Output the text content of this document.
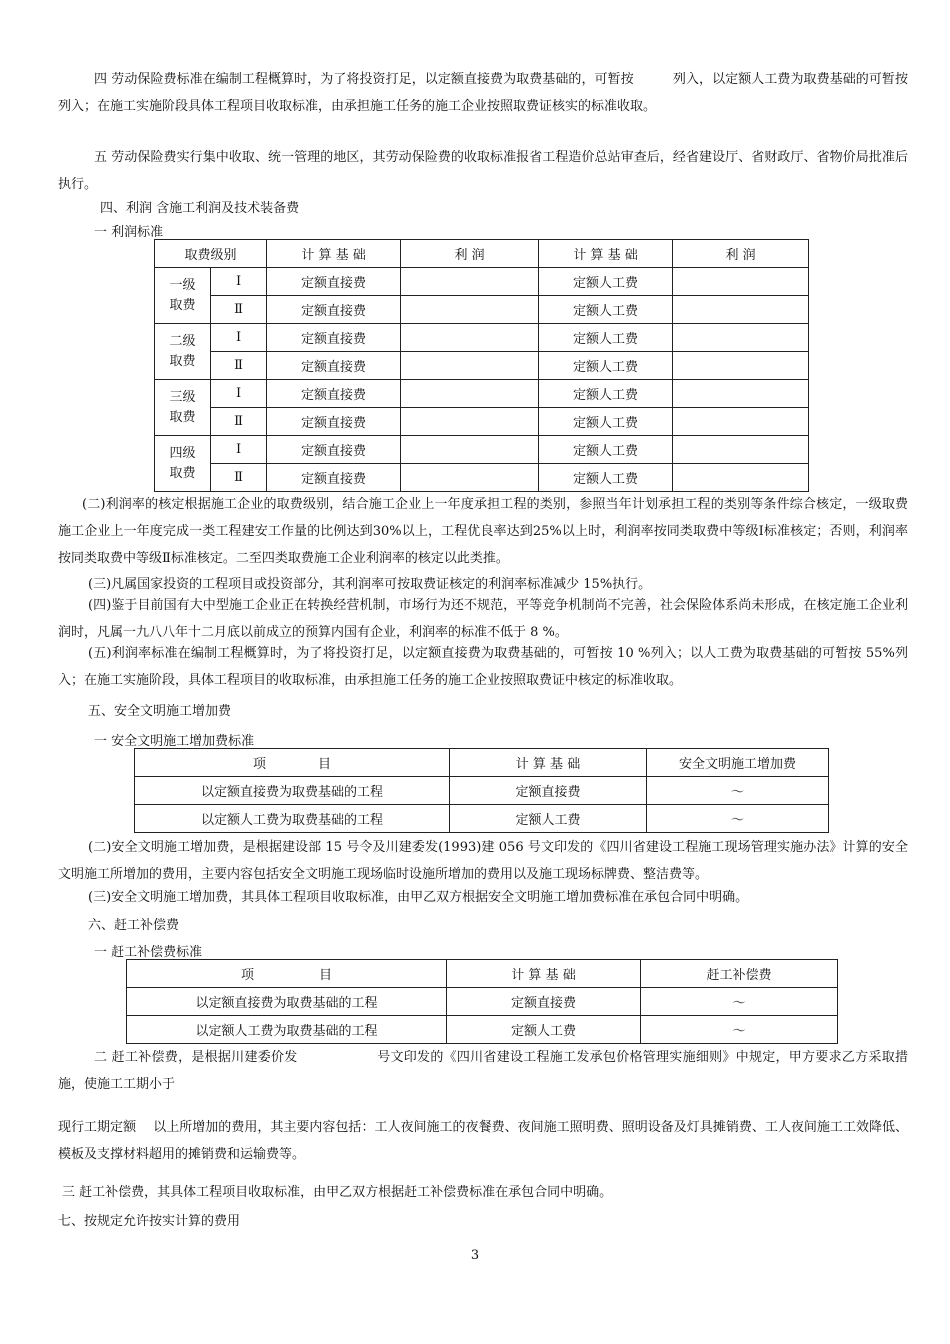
四 劳动保险费标准在编制工程概算时，为了将投资打足，以定额直接费为取费基础的，可暂按　　　列入，以定额人工费为取费基础的可暂按　　　列入；在施工实施阶段具体工程项目收取标准，由承担施工任务的施工企业按照取费证核实的标准收取。
五 劳动保险费实行集中收取、统一管理的地区，其劳动保险费的收取标准报省工程造价总站审查后，经省建设厅、省财政厅、省物价局批准后执行。
四、利润 含施工利润及技术装备费
一 利润标准
取费级别		计 算 基 础	利 润	计 算 基 础	利 润

一级
取费	Ⅰ	定额直接费		定额人工费	
	Ⅱ	定额直接费		定额人工费	

二级
取费	Ⅰ	定额直接费		定额人工费	
	Ⅱ	定额直接费		定额人工费	

三级
取费	Ⅰ	定额直接费		定额人工费	
	Ⅱ	定额直接费		定额人工费	

四级
取费	Ⅰ	定额直接费		定额人工费	
	Ⅱ	定额直接费		定额人工费	
(二)利润率的核定根据施工企业的取费级别，结合施工企业上一年度承担工程的类别，参照当年计划承担工程的类别等条件综合核定，一级取费施工企业上一年度完成一类工程建安工作量的比例达到30%以上，工程优良率达到25%以上时，利润率按同类取费中等级Ⅰ标准核定；否则，利润率按同类取费中等级Ⅱ标准核定。二至四类取费施工企业利润率的核定以此类推。
(三)凡属国家投资的工程项目或投资部分，其利润率可按取费证核定的利润率标准减少 15%执行。
(四)鉴于目前国有大中型施工企业正在转换经营机制，市场行为还不规范，平等竞争机制尚不完善，社会保险体系尚未形成，在核定施工企业利润时，凡属一九八八年十二月底以前成立的预算内国有企业，利润率的标准不低于 8 %。
(五)利润率标准在编制工程概算时，为了将投资打足，以定额直接费为取费基础的，可暂按 10 %列入；以人工费为取费基础的可暂按 55%列入；在施工实施阶段，具体工程项目的收取标准，由承担施工任务的施工企业按照取费证中核定的标准收取。
五、安全文明施工增加费
一 安全文明施工增加费标准
项　　　　目	计 算 基 础	安全文明施工增加费
以定额直接费为取费基础的工程	定额直接费	～
以定额人工费为取费基础的工程	定额人工费	～
(二)安全文明施工增加费，是根据建设部 15 号令及川建委发(1993)建 056 号文印发的《四川省建设工程施工现场管理实施办法》计算的安全文明施工所增加的费用，主要内容包括安全文明施工现场临时设施所增加的费用以及施工现场标牌费、整洁费等。
(三)安全文明施工增加费，其具体工程项目收取标准，由甲乙双方根据安全文明施工增加费标准在承包合同中明确。
六、赶工补偿费
一 赶工补偿费标准
项　　　　　目	计 算 基 础	赶工补偿费
以定额直接费为取费基础的工程	定额直接费	～
以定额人工费为取费基础的工程	定额人工费	～
二 赶工补偿费，是根据川建委价发　　　　　　号文印发的《四川省建设工程施工发承包价格管理实施细则》中规定，甲方要求乙方采取措施，使施工工期小于
现行工期定额　 以上所增加的费用，其主要内容包括：工人夜间施工的夜餐费、夜间施工照明费、照明设备及灯具摊销费、工人夜间施工工效降低、模板及支撑材料超用的摊销费和运输费等。
三 赶工补偿费，其具体工程项目收取标准，由甲乙双方根据赶工补偿费标准在承包合同中明确。
七、按规定允许按实计算的费用
3
